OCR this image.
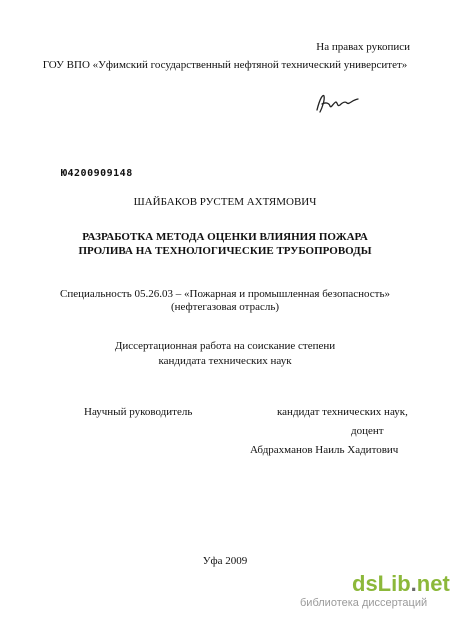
На правах рукописи
ГОУ ВПО «Уфимский государственный нефтяной технический университет»
Ю4200909148
ШАЙБАКОВ РУСТЕМ АХТЯМОВИЧ
РАЗРАБОТКА МЕТОДА ОЦЕНКИ ВЛИЯНИЯ ПОЖАРА
ПРОЛИВА НА ТЕХНОЛОГИЧЕСКИЕ ТРУБОПРОВОДЫ
Специальность 05.26.03 – «Пожарная и промышленная безопасность»
(нефтегазовая отрасль)
Диссертационная работа на соискание степени
кандидата технических наук
Научный руководитель	кандидат технических наук,
доцент
Абдрахманов Наиль Хадитович
Уфа 2009
dsLib.net
библиотека диссертаций
